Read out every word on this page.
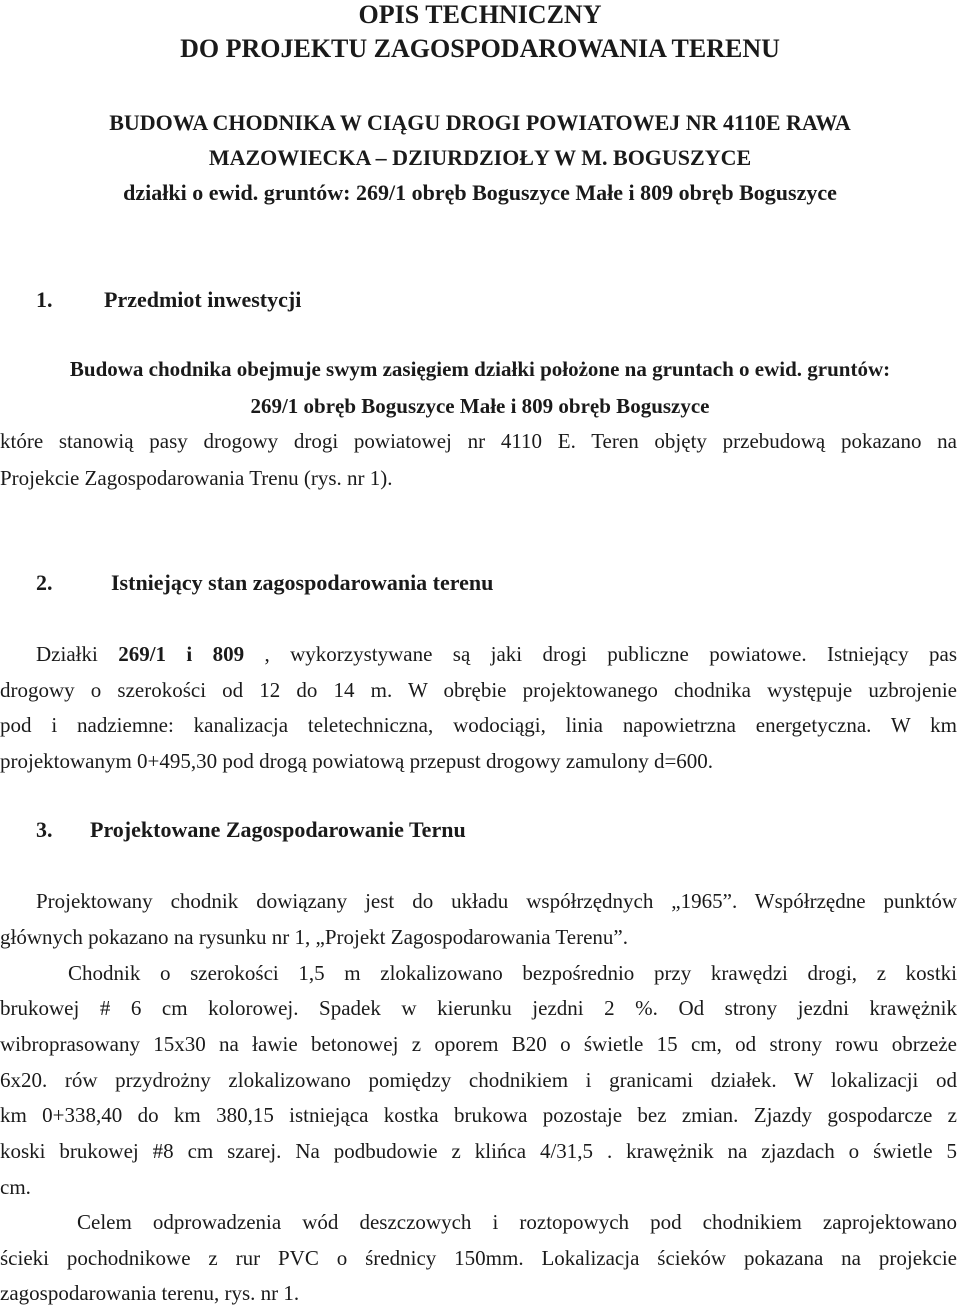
OPIS TECHNICZNY
DO PROJEKTU ZAGOSPODAROWANIA TERENU
BUDOWA CHODNIKA W CIĄGU DROGI POWIATOWEJ NR 4110E RAWA
MAZOWIECKA – DZIURDZIOŁY W M. BOGUSZYCE
działki o ewid. gruntów: 269/1 obręb Boguszyce Małe i 809 obręb Boguszyce
1. Przedmiot inwestycji
Budowa chodnika obejmuje swym zasięgiem działki położone na gruntach o ewid. gruntów:
269/1 obręb Boguszyce Małe i 809 obręb Boguszyce
które stanowią pasy drogowy drogi powiatowej nr 4110 E. Teren objęty przebudową pokazano na
Projekcie Zagospodarowania Trenu (rys. nr 1).
2.	Istniejący stan zagospodarowania terenu
Działki 269/1 i 809 , wykorzystywane są jaki drogi publiczne powiatowe. Istniejący pas
drogowy o szerokości od 12 do 14 m. W obrębie projektowanego chodnika występuje uzbrojenie
pod i nadziemne: kanalizacja teletechniczna, wodociągi, linia napowietrzna energetyczna. W km
projektowanym 0+495,30 pod drogą powiatową przepust drogowy zamulony d=600.
3. Projektowane Zagospodarowanie Ternu
Projektowany chodnik dowiązany jest do układu współrzędnych „1965”. Współrzędne punktów
głównych pokazano na rysunku nr 1, „Projekt Zagospodarowania Terenu”.
Chodnik o szerokości 1,5 m zlokalizowano bezpośrednio przy krawędzi drogi, z kostki
brukowej # 6 cm kolorowej. Spadek w kierunku jezdni 2 %. Od strony jezdni krawężnik
wibroprasowany 15x30 na ławie betonowej z oporem B20 o świetle 15 cm, od strony rowu obrzeże
6x20. rów przydrożny zlokalizowano pomiędzy chodnikiem i granicami działek. W lokalizacji od
km 0+338,40 do km 380,15 istniejąca kostka brukowa pozostaje bez zmian. Zjazdy gospodarcze z
koski brukowej #8 cm szarej. Na podbudowie z klińca 4/31,5 . krawężnik na zjazdach o świetle 5
cm.
Celem odprowadzenia wód deszczowych i roztopowych pod chodnikiem zaprojektowano
ścieki pochodnikowe z rur PVC o średnicy 150mm. Lokalizacja ścieków pokazana na projekcie
zagospodarowania terenu, rys. nr 1.
